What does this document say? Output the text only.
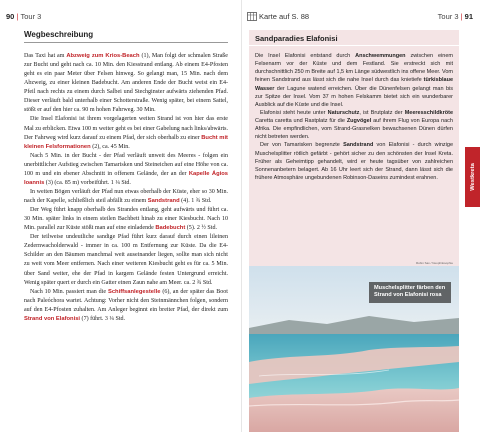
90 | Tour 3	Karte auf S. 88	Tour 3 | 91
Wegbeschreibung

Das Taxi hat am Abzweig zum Krios-Beach (1), Man folgt der schmalen Straße zur Bucht und geht nach ca. 10 Min. den Kiesstrand entlang. Ab einem E4-Pfosten geht es ein paar Meter über Felsen hinweg. So gelangt man, 15 Min. nach dem Abzweig, zu einer kleinen Badebucht. Am anderen Ende der Bucht weist ein E4-Pfeil nach rechts zu einem durch Salbei und Stechginster aufwärts ziehenden Pfad. Dieser verläuft bald unterhalb einer Schotterstraße. Wenig später, bei einem Sattel, stößt er auf den hier ca. 90 m hohen Fahrweg. 30 Min.

Die Insel Elafonisi ist ihrem vorgelagerten weiten Strand ist von hier das erste Mal zu erblicken. Etwa 100 m weiter geht es bei einer Gabelung nach links/abwärts. Der Fahrweg wird kurz darauf zu einem Pfad, der sich oberhalb zu einer Bucht mit kleinen Felsformationen (2), ca. 45 Min.

Nach 5 Min. in der Bucht - der Pfad verläuft unweit des Meeres - folgen ein unerbittlicher Aufstieg zwischen Tamarisken und Steineichen auf eine Höhe von ca. 100 m und ein ebener Abschnitt in offenem Gelände, der an der Kapelle Ágios Ioannis (3) (ca. 85 m) vorbeiführt. 1 ¼ Std.

In weiten Bögen verläuft der Pfad nun etwas oberhalb der Küste, eher so 30 Min. nach der Kapelle, schließlich steil abfällt zu einem Sandstrand (4). 1 ¾ Std.

Der Weg führt knapp oberhalb des Strandes entlang, geht aufwärts und führt ca. 30 Min. später links in einem steilen Bachbett hinab zu einer Kiesbucht. Nach 10 Min. parallel zur Küste stößt man auf eine einladende Badebucht (5). 2 ½ Std.

Der teilweise undeutliche sandige Pfad führt kurz darauf durch einen lileinen Zedernwacholderwald - immer in ca. 100 m Entfernung zur Küste. Da die E4-Schilder an den Bäumen manchmal weit auseinander liegen, sollte man sich nicht zu weit vom Meer entfernen. Nach einer weiteren Kiesbucht geht es für ca. 5 Min. über Sand weiter, ehe der Pfad in kargem Gelände festen Untergrund erreicht. Wenig später quert er durch ein Gatter einen Zaun nahe am Meer. ca. 2 ¾ Std.

Nach 10 Min. passiert man die Schiffsanlegestelle (6), an der später das Boot nach Paleóchora wartet. Achtung: Vorher nicht den Steinmännchen folgen, sondern auf den E4-Pfosten zuhalten. Am Anleger beginnt ein breiter Pfad, der direkt zum Strand von Elafonisi (7) führt. 3 ¼ Std.

Sandparadies Elafonisi

Die Insel Elafonisi entstand durch Anschwemmungen zwischen einem Felsenarm vor der Küste und dem Festland. Sie erstreckt sich mit durchschnittlich 250 m Breite auf 1,5 km Länge südwestlich ins offene Meer. Vom feinen Sandstrand aus lässt sich die nahe Insel durch das knietiefe türkisblaue Wasser der Lagune watend erreichen. Über die Dünenfelsen gelangt man bis zur Spitze der Insel. Vom 37 m hohen Felskamm bietet sich ein wunderbarer Ausblick auf die Küste und die Insel.

Elafonisi steht heute unter Naturschutz, ist Brutplatz der Meeresschildkröte Caretta caretta und Rastplatz für die Zugvögel auf ihrem Flug von Europa nach Afrika. Die empfindlichen, vom Strand-Grasnelken bewachsenen Dünen dürfen nicht betreten werden.

Der von Tamarisken begrenzte Sandstrand von Elafonisi - durch winzige Muschelsplitter rötlich gefärbt - gehört sicher zu den schönsten der Insel Kreta. Früher als Geheimtipp gehandelt, wird er heute tagsüber von zahlreichen Sonnenanbetern belagert. Ab 16 Uhr leert sich der Strand, dann lässt sich die frühere Atmosphäre ungebundenen Robinson-Daseins zumindest erahnen.

Robin Sax / Neophilosophie
Muschelsplitter färben den Strand von Elafonisi rosa
Westkreta
